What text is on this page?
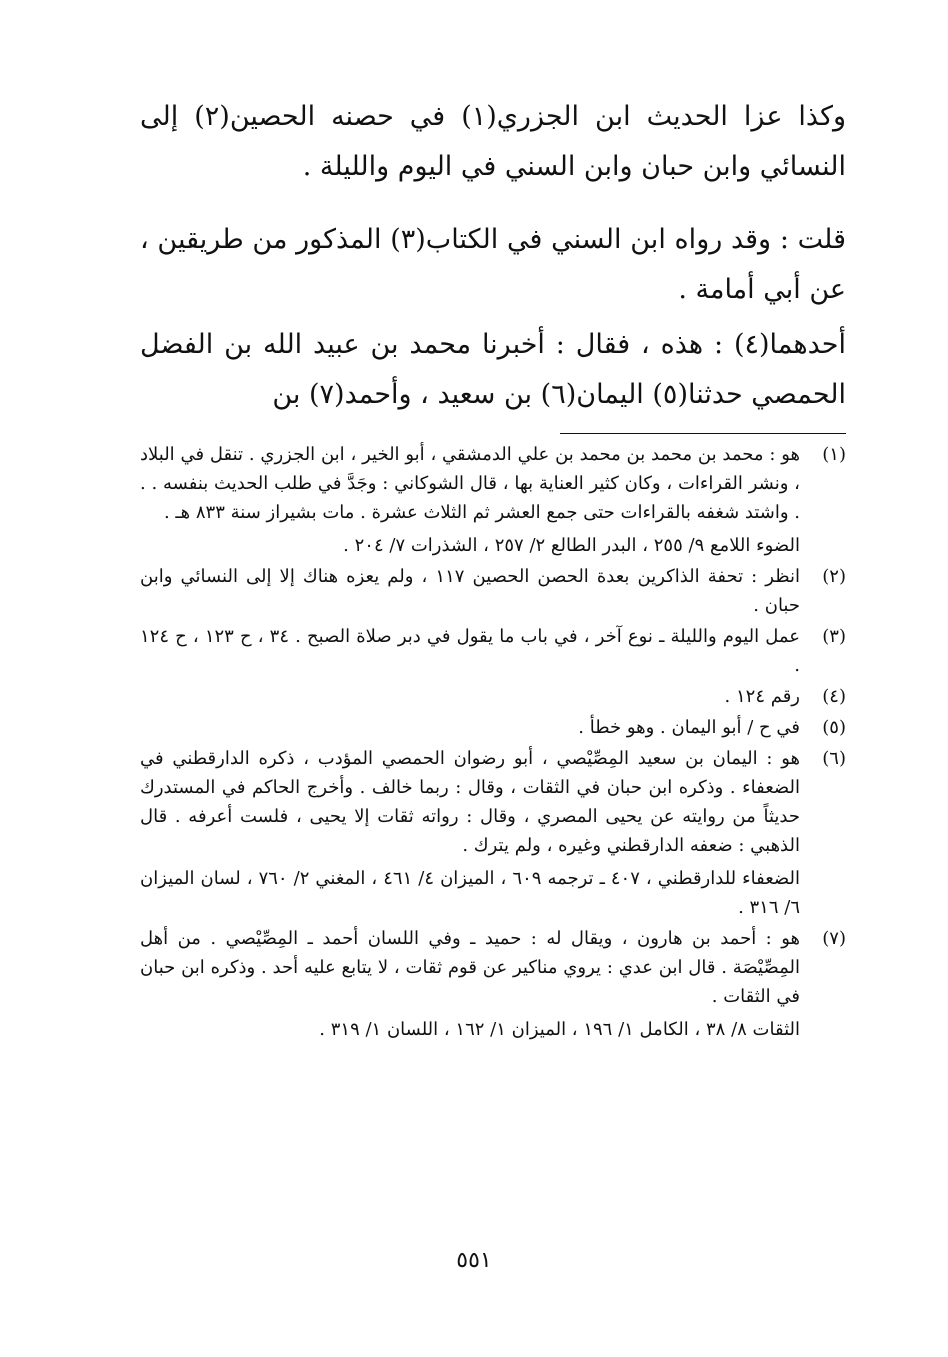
وكذا عزا الحديث ابن الجزري(١) في حصنه الحصين(٢) إلى النسائي وابن حبان وابن السني في اليوم والليلة .

قلت : وقد رواه ابن السني في الكتاب(٣) المذكور من طريقين ، عن أبي أمامة .

أحدهما(٤) : هذه ، فقال : أخبرنا محمد بن عبيد الله بن الفضل الحمصي حدثنا(٥) اليمان(٦) بن سعيد ، وأحمد(٧) بن

(١)
هو : محمد بن محمد بن محمد بن علي الدمشقي ، أبو الخير ، ابن الجزري . تنقل في البلاد ، ونشر القراءات ، وكان كثير العناية بها ، قال الشوكاني : وجَدَّ في طلب الحديث بنفسه . . . واشتد شغفه بالقراءات حتى جمع العشر ثم الثلاث عشرة . مات بشيراز سنة ٨٣٣ هـ .
الضوء اللامع ٩/ ٢٥٥ ، البدر الطالع ٢/ ٢٥٧ ، الشذرات ٧/ ٢٠٤ .
(٢)
انظر : تحفة الذاكرين بعدة الحصن الحصين ١١٧ ، ولم يعزه هناك إلا إلى النسائي وابن حبان .
(٣)
عمل اليوم والليلة ـ نوع آخر ، في باب ما يقول في دبر صلاة الصبح . ٣٤ ، ح ١٢٣ ، ح ١٢٤ .
(٤)
رقم ١٢٤ .
(٥)
في ح / أبو اليمان . وهو خطأ .
(٦)
هو : اليمان بن سعيد المِصِّيْصي ، أبو رضوان الحمصي المؤدب ، ذكره الدارقطني في الضعفاء . وذكره ابن حبان في الثقات ، وقال : ربما خالف . وأخرج الحاكم في المستدرك حديثاً من روايته عن يحيى المصري ، وقال : رواته ثقات إلا يحيى ، فلست أعرفه . قال الذهبي : ضعفه الدارقطني وغيره ، ولم يترك .
الضعفاء للدارقطني ، ٤٠٧ ـ ترجمه ٦٠٩ ، الميزان ٤/ ٤٦١ ، المغني ٢/ ٧٦٠ ، لسان الميزان ٦/ ٣١٦ .
(٧)
هو : أحمد بن هارون ، ويقال له : حميد ـ وفي اللسان أحمد ـ المِصِّيْصي . من أهل المِصِّيْصَة . قال ابن عدي : يروي مناكير عن قوم ثقات ، لا يتابع عليه أحد . وذكره ابن حبان في الثقات .
الثقات ٨/ ٣٨ ، الكامل ١/ ١٩٦ ، الميزان ١/ ١٦٢ ، اللسان ١/ ٣١٩ .
٥٥١
